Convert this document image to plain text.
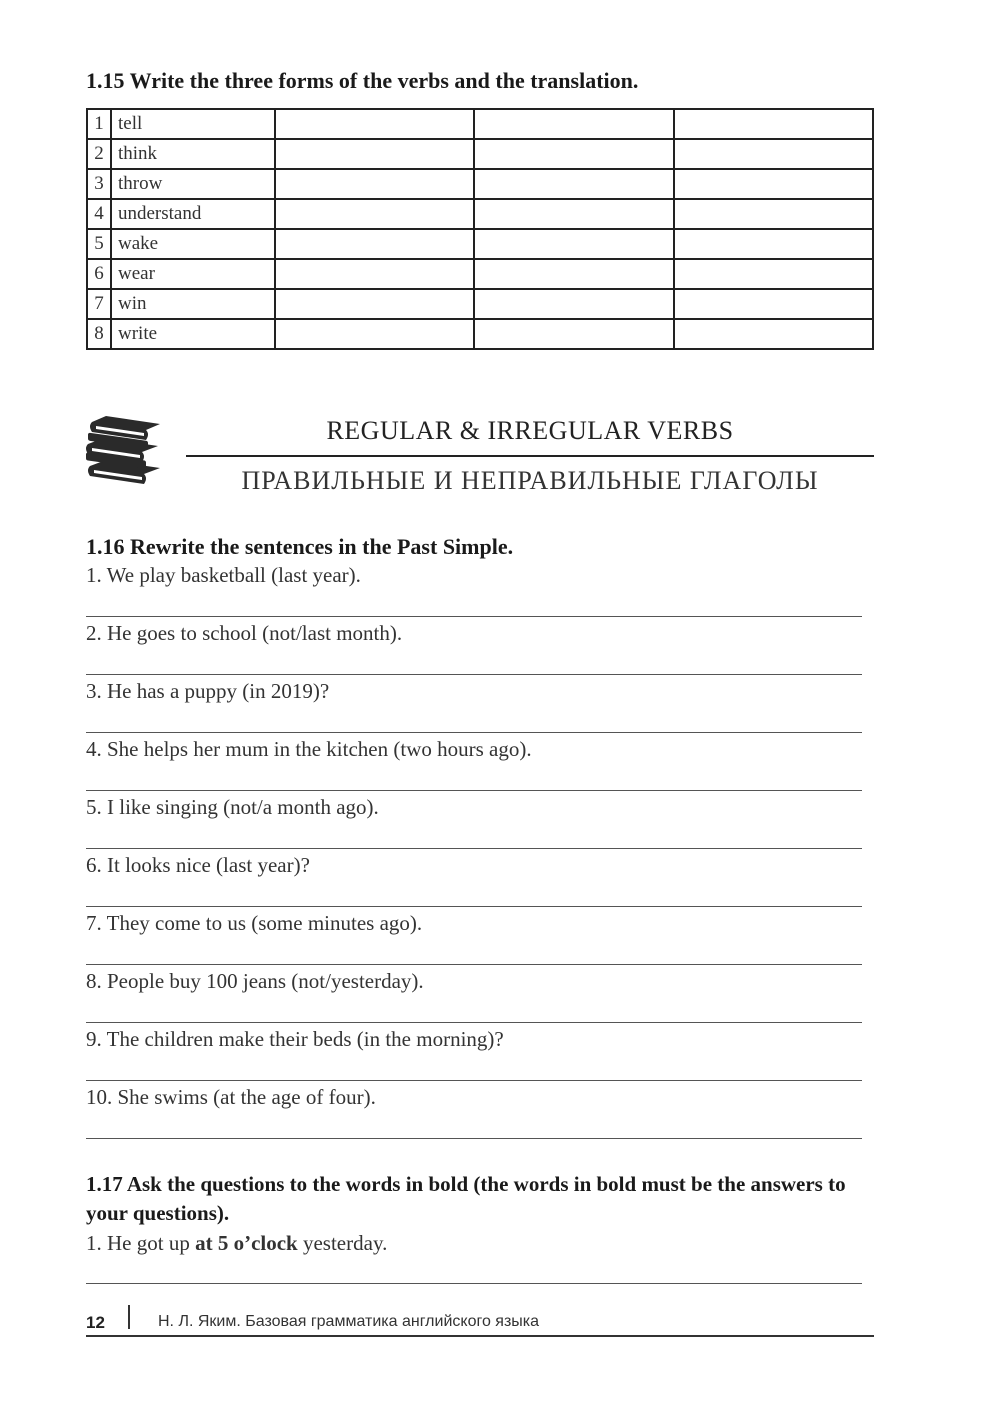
1.15 Write the three forms of the verbs and the translation.
1	tell			
2	think			
3	throw			
4	understand			
5	wake			
6	wear			
7	win			
8	write			
REGULAR & IRREGULAR VERBS
ПРАВИЛЬНЫЕ И НЕПРАВИЛЬНЫЕ ГЛАГОЛЫ
1.16 Rewrite the sentences in the Past Simple.
1. We play basketball (last year).
2. He goes to school (not/last month).
3. He has a puppy (in 2019)?
4. She helps her mum in the kitchen (two hours ago).
5. I like singing (not/a month ago).
6. It looks nice (last year)?
7. They come to us (some minutes ago).
8. People buy 100 jeans (not/yesterday).
9. The children make their beds (in the morning)?
10. She swims (at the age of four).
1.17 Ask the questions to the words in bold (the words in bold must be the answers to your questions).
1. He got up at 5 o’clock yesterday.
12	Н. Л. Яким. Базовая грамматика английского языка
